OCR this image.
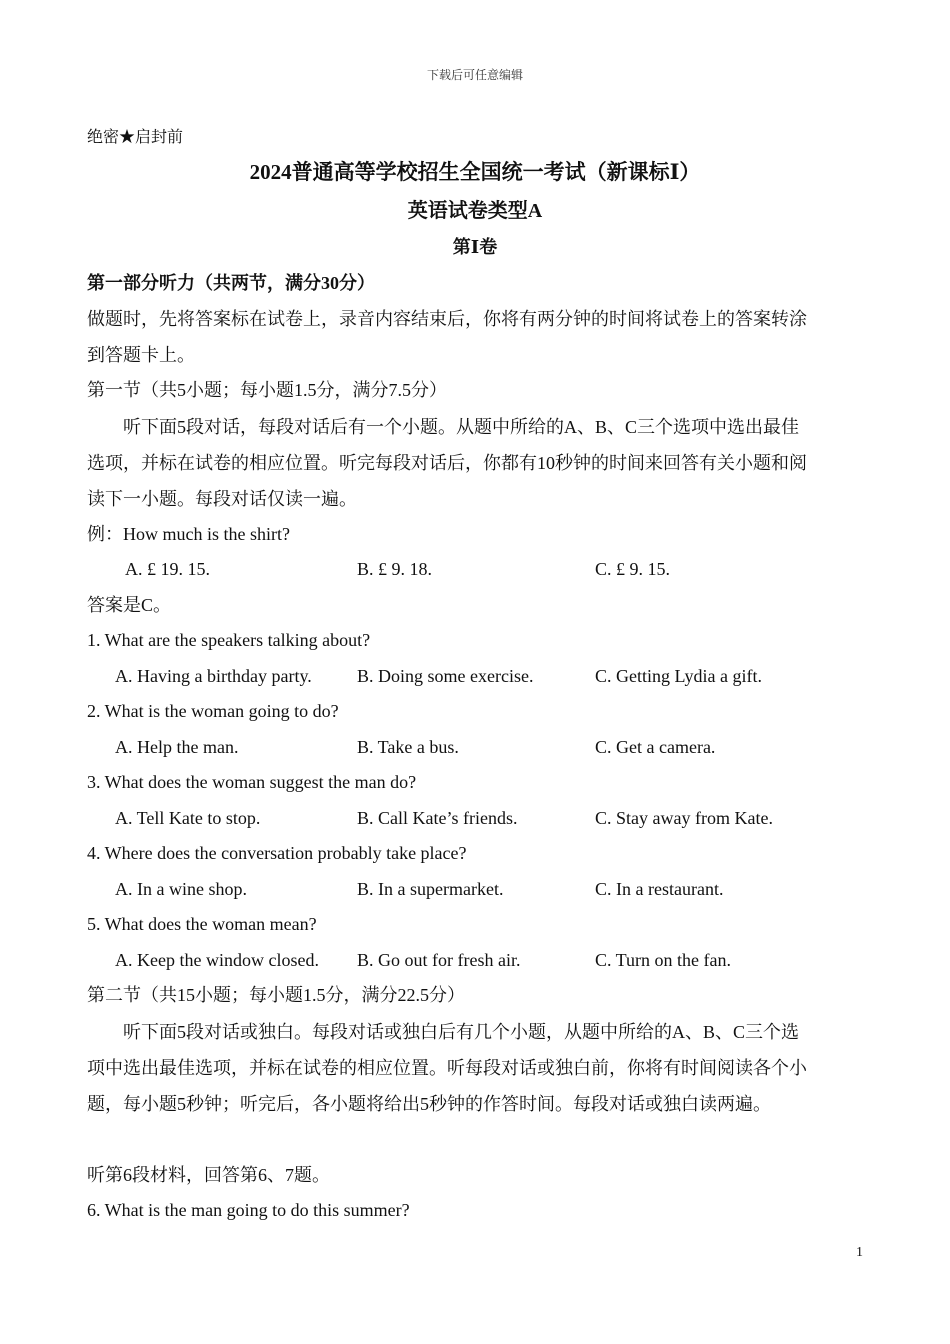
下载后可任意编辑
绝密★启封前
2024普通高等学校招生全国统一考试（新课标Ⅰ）
英语试卷类型A
第Ⅰ卷
第一部分听力（共两节，满分30分）
做题时，先将答案标在试卷上，录音内容结束后，你将有两分钟的时间将试卷上的答案转涂
到答题卡上。
第一节（共5小题；每小题1.5分，满分7.5分）
听下面5段对话，每段对话后有一个小题。从题中所给的A、B、C三个选项中选出最佳
选项，并标在试卷的相应位置。听完每段对话后，你都有10秒钟的时间来回答有关小题和阅
读下一小题。每段对话仅读一遍。
例：How much is the shirt?
A. £ 19. 15.	B. £ 9. 18.	C. £ 9. 15.
答案是C。
1. What are the speakers talking about?
A. Having a birthday party.	B. Doing some exercise.	C. Getting Lydia a gift.
2. What is the woman going to do?
A. Help the man.	B. Take a bus.	C. Get a camera.
3. What does the woman suggest the man do?
A. Tell Kate to stop.	B. Call Kate’s friends.	C. Stay away from Kate.
4. Where does the conversation probably take place?
A. In a wine shop.	B. In a supermarket.	C. In a restaurant.
5. What does the woman mean?
A. Keep the window closed. B. Go out for fresh air.	C. Turn on the fan.
第二节（共15小题；每小题1.5分，满分22.5分）
听下面5段对话或独白。每段对话或独白后有几个小题，从题中所给的A、B、C三个选
项中选出最佳选项，并标在试卷的相应位置。听每段对话或独白前，你将有时间阅读各个小
题，每小题5秒钟；听完后，各小题将给出5秒钟的作答时间。每段对话或独白读两遍。
听第6段材料，回答第6、7题。
6. What is the man going to do this summer?
1
